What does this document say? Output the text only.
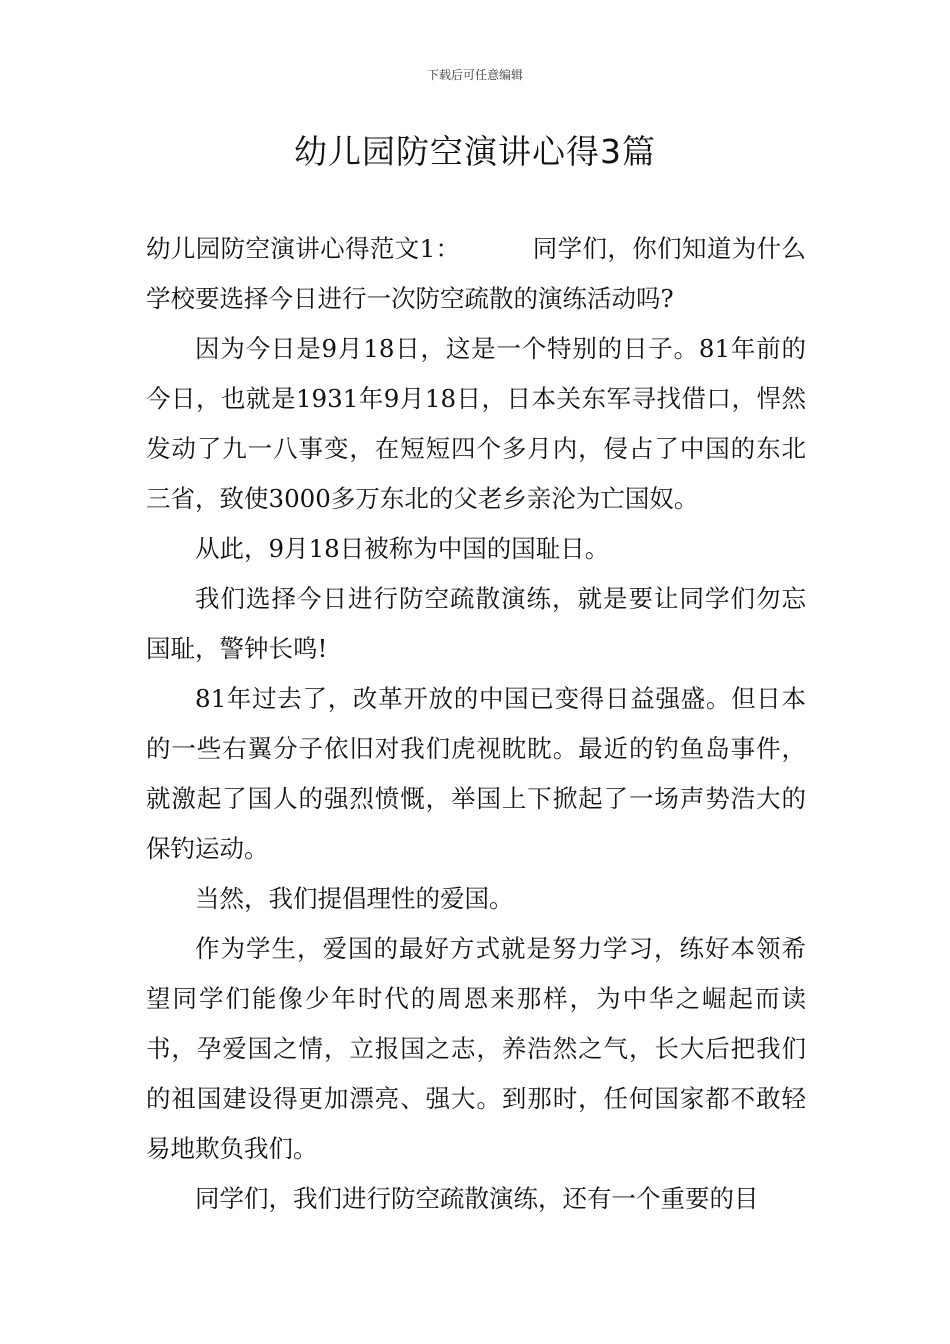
下载后可任意编辑
幼儿园防空演讲心得3篇

幼儿园防空演讲心得范文1：	同学们，你们知道为什么学校要选择今日进行一次防空疏散的演练活动吗?

因为今日是9月18日，这是一个特别的日子。81年前的今日，也就是1931年9月18日，日本关东军寻找借口，悍然发动了九一八事变，在短短四个多月内，侵占了中国的东北三省，致使3000多万东北的父老乡亲沦为亡国奴。

从此，9月18日被称为中国的国耻日。

我们选择今日进行防空疏散演练，就是要让同学们勿忘国耻，警钟长鸣!

81年过去了，改革开放的中国已变得日益强盛。但日本的一些右翼分子依旧对我们虎视眈眈。最近的钓鱼岛事件，就激起了国人的强烈愤慨，举国上下掀起了一场声势浩大的保钓运动。

当然，我们提倡理性的爱国。

作为学生，爱国的最好方式就是努力学习，练好本领希望同学们能像少年时代的周恩来那样，为中华之崛起而读书，孕爱国之情，立报国之志，养浩然之气，长大后把我们的祖国建设得更加漂亮、强大。到那时，任何国家都不敢轻易地欺负我们。

同学们，我们进行防空疏散演练，还有一个重要的目
